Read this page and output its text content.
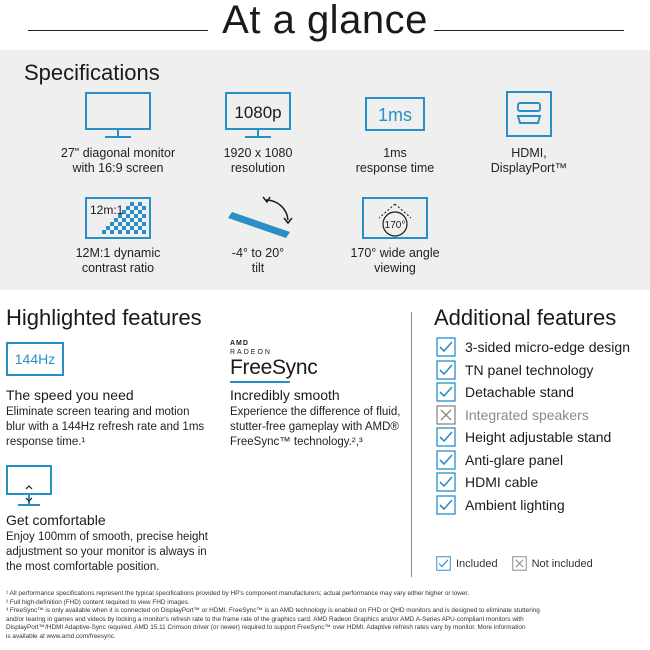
At a glance
Specifications
27" diagonal monitor
with 16:9 screen
1080p
1920 x 1080
resolution
1ms
1ms
response time
HDMI,
DisplayPort™
12m:1
12M:1 dynamic
contrast ratio
-4° to 20°
tilt
170°
170° wide angle
viewing
Highlighted features
144Hz
The speed you need
Eliminate screen tearing and motion
blur with a 144Hz refresh rate and 1ms
response time.¹
AMD
RADEON
FreeSync
Incredibly smooth
Experience the difference of fluid,
stutter-free gameplay with AMD®
FreeSync™ technology.²,³
Get comfortable
Enjoy 100mm of smooth, precise height
adjustment so your monitor is always in
the most comfortable position.
Additional features
3-sided micro-edge design
TN panel technology
Detachable stand
Integrated speakers
Height adjustable stand
Anti-glare panel
HDMI cable
Ambient lighting
Included	Not included

¹ All performance specifications represent the typical specifications provided by HP's component manufacturers; actual performance may vary either higher or lower.

² Full high-definition (FHD) content required to view FHD images.

³ FreeSync™ is only available when it is connected on DisplayPort™ or HDMI. FreeSync™ is an AMD technology is enabled on FHD or QHD monitors and is designed to eliminate stuttering

and/or tearing in games and videos by locking a monitor's refresh rate to the frame rate of the graphics card. AMD Radeon Graphics and/or AMD A-Series APU-compliant monitors with

DisplayPort™/HDMI Adaptive-Sync required. AMD 15.11 Crimson driver (or newer) required to support FreeSync™ over HDMI. Adaptive refresh rates vary by monitor. More information

is available at www.amd.com/freesync.
